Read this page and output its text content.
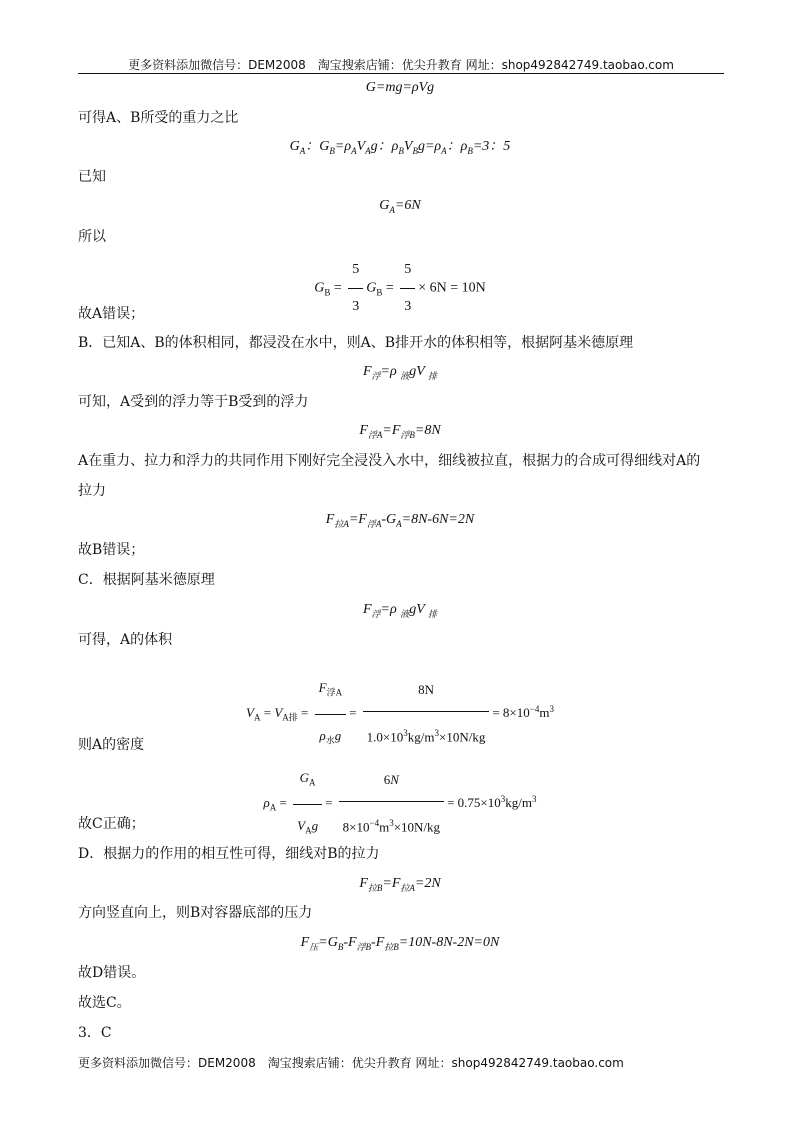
更多资料添加微信号：DEM2008　淘宝搜索店铺：优尖升教育 网址：shop492842749.taobao.com
G=mg=ρVg
可得A、B所受的重力之比
$G_A$：$G_B=\rho_AV_Ag$：$\rho_BV_Bg=\rho_A$：$\rho_B=3$：5
已知
$G_A=6N$
所以
$G_B = \frac{5}{3} G_B = \frac{5}{3} \times 6N = 10N$
故A错误；
B．已知A、B的体积相同，都浸没在水中，则A、B排开水的体积相等，根据阿基米德原理
$F_浮=\rho$ $_液$gV $_排$
可知，A受到的浮力等于B受到的浮力
$F_{浮A}=F_{浮B}=8N$
A在重力、拉力和浮力的共同作用下刚好完全浸没入水中，细线被拉直，根据力的合成可得细线对A的
拉力
$F_{拉A}=F_{浮A}-G_A=8N-6N=2N$
故B错误；
C．根据阿基米德原理
$F_浮=\rho$ $_液$gV $_排$
可得，A的体积
$V_A = V_{A排} = \frac{F_{浮A}}{\rho_水g} = \frac{8N}{1.0\times 10^3kg/m^3\times 10N/kg} = 8\times 10^{-4}m^3$
则A的密度
$\rho_A = \frac{G_A}{V_Ag} = \frac{6N}{8\times 10^{-4}m^3\times 10N/kg} = 0.75\times 10^3kg/m^3$
故C正确；
D．根据力的作用的相互性可得，细线对B的拉力
$F_{拉B}=F_{拉A}=2N$
方向竖直向上，则B对容器底部的压力
$F_压=G_B-F_{浮B}-F_{拉B}=10N-8N-2N=0N$
故D错误。
故选C。
3．C
更多资料添加微信号：DEM2008　淘宝搜索店铺：优尖升教育 网址：shop492842749.taobao.com
